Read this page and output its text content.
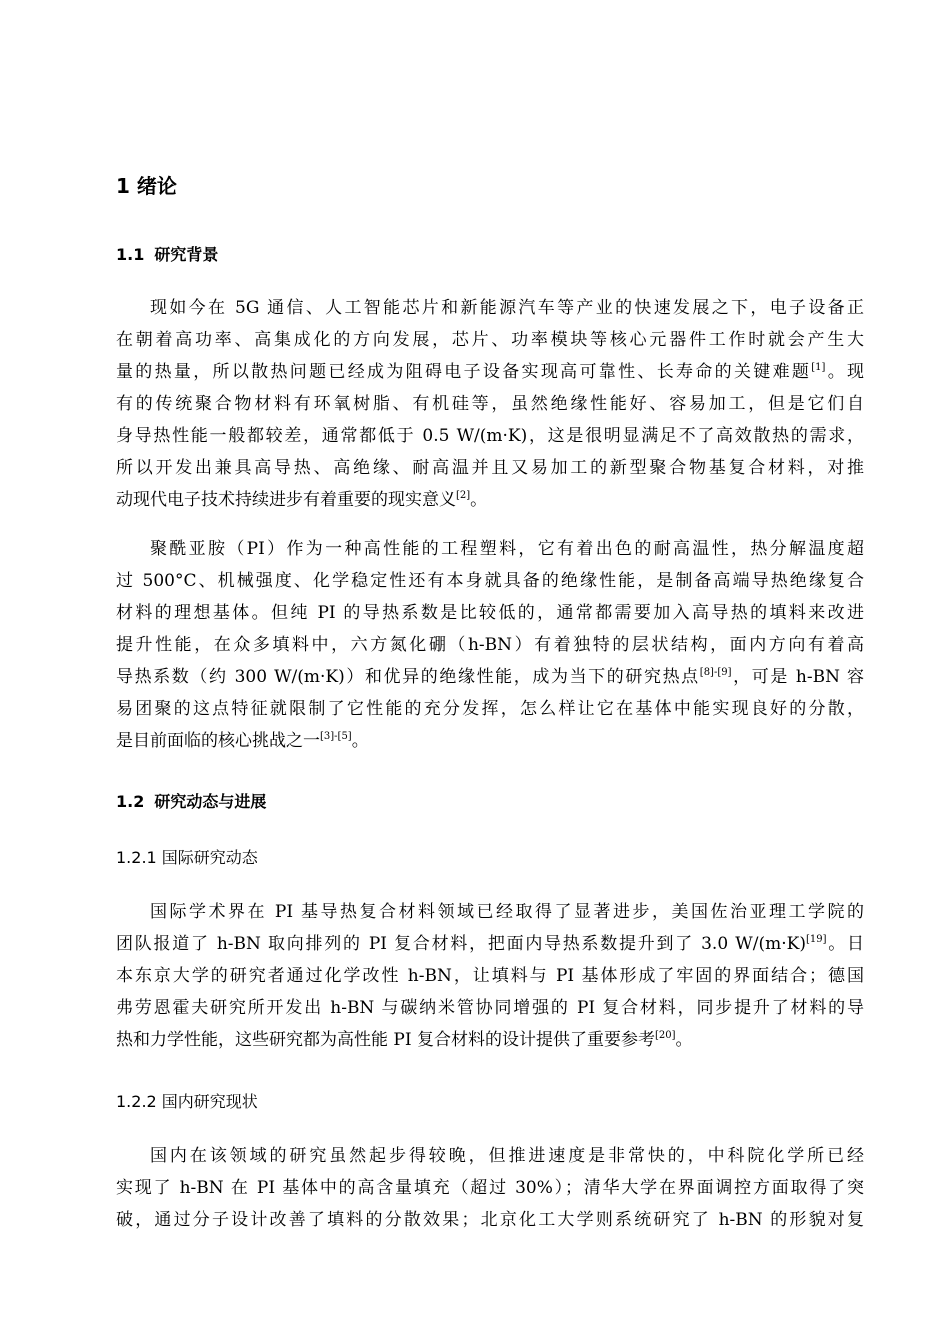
1 绪论
1.1 研究背景
现如今在 5G 通信、人工智能芯片和新能源汽车等产业的快速发展之下，电子设备正
在朝着高功率、高集成化的方向发展，芯片、功率模块等核心元器件工作时就会产生大
量的热量，所以散热问题已经成为阻碍电子设备实现高可靠性、长寿命的关键难题[1]。现
有的传统聚合物材料有环氧树脂、有机硅等，虽然绝缘性能好、容易加工，但是它们自
身导热性能一般都较差，通常都低于 0.5 W/(m·K)，这是很明显满足不了高效散热的需求，
所以开发出兼具高导热、高绝缘、耐高温并且又易加工的新型聚合物基复合材料，对推
动现代电子技术持续进步有着重要的现实意义[2]。
聚酰亚胺（PI）作为一种高性能的工程塑料，它有着出色的耐高温性，热分解温度超
过 500°C、机械强度、化学稳定性还有本身就具备的绝缘性能，是制备高端导热绝缘复合
材料的理想基体。但纯 PI 的导热系数是比较低的，通常都需要加入高导热的填料来改进
提升性能，在众多填料中，六方氮化硼（h-BN）有着独特的层状结构，面内方向有着高
导热系数（约 300 W/(m·K)）和优异的绝缘性能，成为当下的研究热点[8]-[9]，可是 h-BN 容
易团聚的这点特征就限制了它性能的充分发挥，怎么样让它在基体中能实现良好的分散，
是目前面临的核心挑战之一[3]-[5]。
1.2 研究动态与进展
1.2.1 国际研究动态
国际学术界在 PI 基导热复合材料领域已经取得了显著进步，美国佐治亚理工学院的
团队报道了 h-BN 取向排列的 PI 复合材料，把面内导热系数提升到了 3.0 W/(m·K)[19]。日
本东京大学的研究者通过化学改性 h-BN，让填料与 PI 基体形成了牢固的界面结合；德国
弗劳恩霍夫研究所开发出 h-BN 与碳纳米管协同增强的 PI 复合材料，同步提升了材料的导
热和力学性能，这些研究都为高性能 PI 复合材料的设计提供了重要参考[20]。
1.2.2 国内研究现状
国内在该领域的研究虽然起步得较晚，但推进速度是非常快的，中科院化学所已经
实现了 h-BN 在 PI 基体中的高含量填充（超过 30%）；清华大学在界面调控方面取得了突
破，通过分子设计改善了填料的分散效果；北京化工大学则系统研究了 h-BN 的形貌对复
